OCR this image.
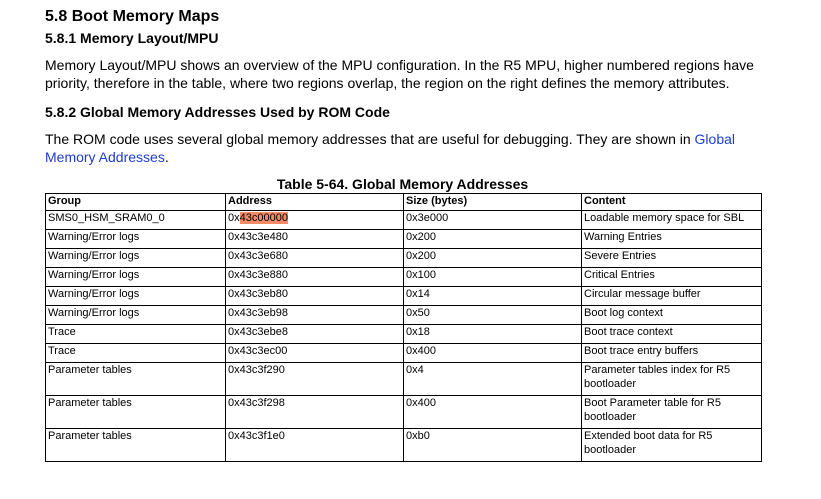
5.8 Boot Memory Maps
5.8.1 Memory Layout/MPU

Memory Layout/MPU shows an overview of the MPU configuration. In the R5 MPU, higher numbered regions have priority, therefore in the table, where two regions overlap, the region on the right defines the memory attributes.

5.8.2 Global Memory Addresses Used by ROM Code

The ROM code uses several global memory addresses that are useful for debugging. They are shown in Global Memory Addresses.

Table 5-64. Global Memory Addresses
Group	Address	Size (bytes)	Content
SMS0_HSM_SRAM0_0	0x43c00000	0x3e000	Loadable memory space for SBL
Warning/Error logs	0x43c3e480	0x200	Warning Entries
Warning/Error logs	0x43c3e680	0x200	Severe Entries
Warning/Error logs	0x43c3e880	0x100	Critical Entries
Warning/Error logs	0x43c3eb80	0x14	Circular message buffer
Warning/Error logs	0x43c3eb98	0x50	Boot log context
Trace	0x43c3ebe8	0x18	Boot trace context
Trace	0x43c3ec00	0x400	Boot trace entry buffers
Parameter tables	0x43c3f290	0x4	Parameter tables index for R5 bootloader
Parameter tables	0x43c3f298	0x400	Boot Parameter table for R5 bootloader
Parameter tables	0x43c3f1e0	0xb0	Extended boot data for R5 bootloader
